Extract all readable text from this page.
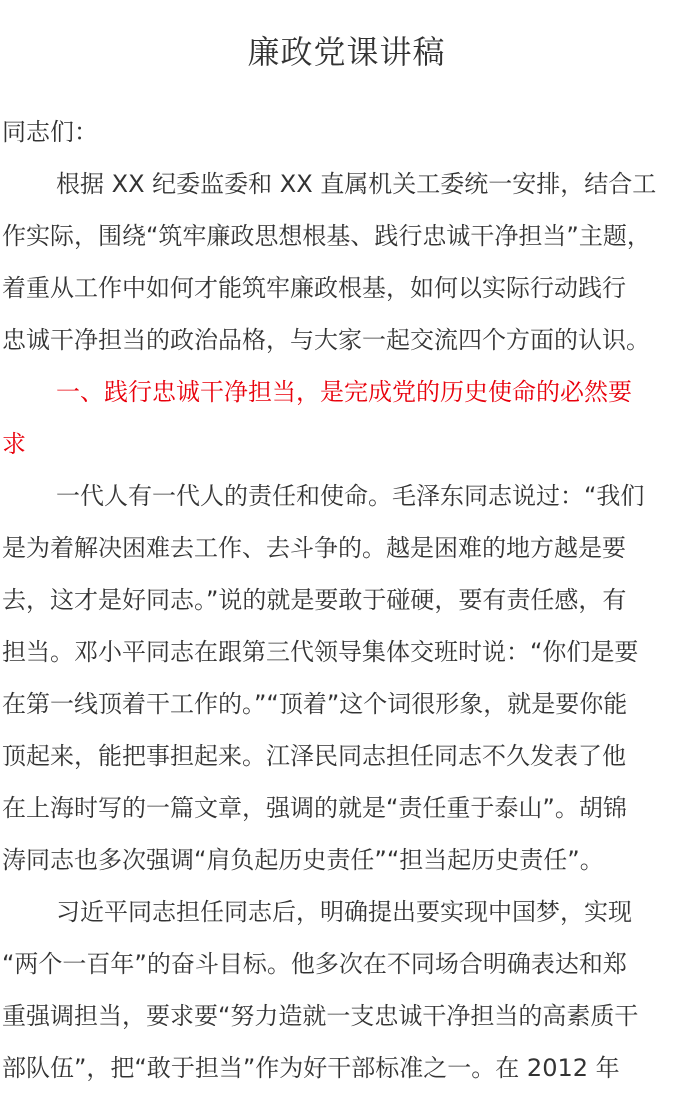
廉政党课讲稿
同志们：
根据 XX 纪委监委和 XX 直属机关工委统一安排，结合工
作实际，围绕“筑牢廉政思想根基、践行忠诚干净担当”主题，
着重从工作中如何才能筑牢廉政根基，如何以实际行动践行
忠诚干净担当的政治品格，与大家一起交流四个方面的认识。
一、践行忠诚干净担当，是完成党的历史使命的必然要
求
一代人有一代人的责任和使命。毛泽东同志说过：“我们
是为着解决困难去工作、去斗争的。越是困难的地方越是要
去，这才是好同志。”说的就是要敢于碰硬，要有责任感，有
担当。邓小平同志在跟第三代领导集体交班时说：“你们是要
在第一线顶着干工作的。”“顶着”这个词很形象，就是要你能
顶起来，能把事担起来。江泽民同志担任同志不久发表了他
在上海时写的一篇文章，强调的就是“责任重于泰山”。胡锦
涛同志也多次强调“肩负起历史责任”“担当起历史责任”。
习近平同志担任同志后，明确提出要实现中国梦，实现
“两个一百年”的奋斗目标。他多次在不同场合明确表达和郑
重强调担当，要求要“努力造就一支忠诚干净担当的高素质干
部队伍”，把“敢于担当”作为好干部标准之一。在 2012 年
